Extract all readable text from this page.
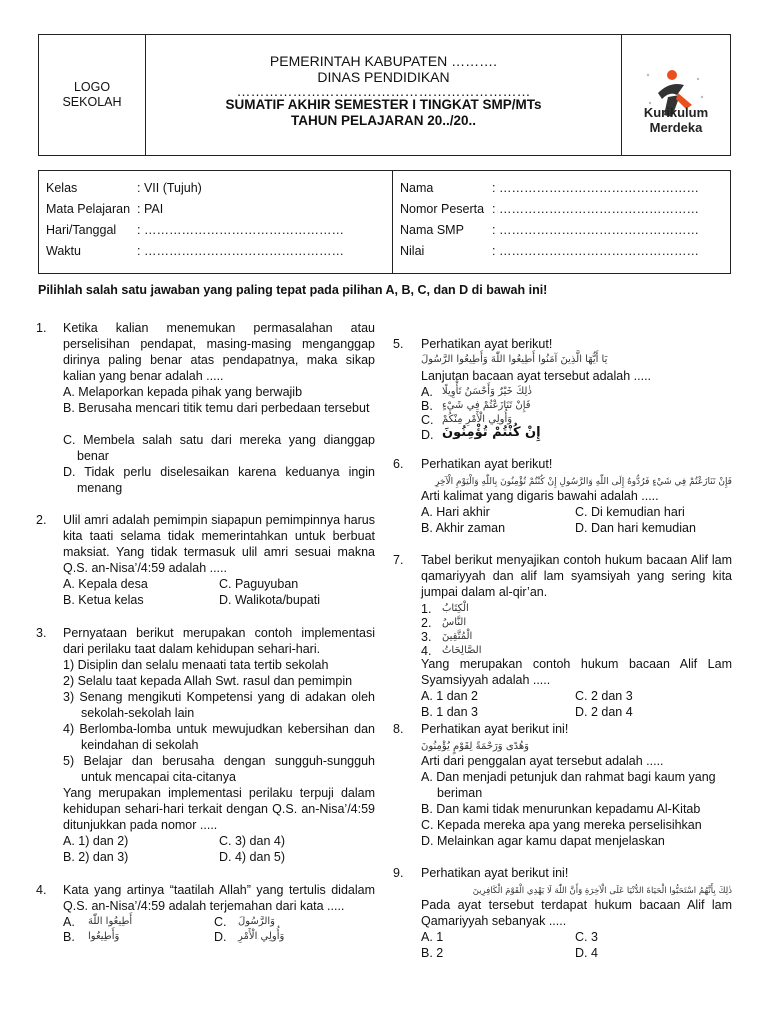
LOGO SEKOLAH
PEMERINTAH KABUPATEN ……….
DINAS PENDIDIKAN
………………………………………………………
SUMATIF AKHIR SEMESTER I TINGKAT SMP/MTs
TAHUN PELAJARAN 20../20..
Kurikulum
Merdeka
Kelas	: VII (Tujuh)
Mata Pelajaran : PAI
Hari/Tanggal : …………………………………………
Waktu	: …………………………………………
Nama	: …………………………………………
Nomor Peserta : …………………………………………
Nama SMP : …………………………………………
Nilai	: …………………………………………
Pilihlah salah satu jawaban yang paling tepat pada pilihan A, B, C, dan D di bawah ini!
1. Ketika kalian menemukan permasalahan atau perselisihan pendapat, masing-masing menganggap dirinya paling benar atas pendapatnya, maka sikap kalian yang benar adalah .....
A. Melaporkan kepada pihak yang berwajib
B. Berusaha mencari titik temu dari perbedaan tersebut
C. Membela salah satu dari mereka yang dianggap benar
D. Tidak perlu diselesaikan karena keduanya ingin menang
2. Ulil amri adalah pemimpin siapapun pemimpinnya harus kita taati selama tidak memerintahkan untuk berbuat maksiat. Yang tidak termasuk ulil amri sesuai makna Q.S. an-Nisa’/4:59 adalah .....
A. Kepala desa	C. Paguyuban
B. Ketua kelas	D. Walikota/bupati
3. Pernyataan berikut merupakan contoh implementasi dari perilaku taat dalam kehidupan sehari-hari.
1) Disiplin dan selalu menaati tata tertib sekolah
2) Selalu taat kepada Allah Swt. rasul dan pemimpin
3) Senang mengikuti Kompetensi yang di adakan oleh sekolah-sekolah lain
4) Berlomba-lomba untuk mewujudkan kebersihan dan keindahan di sekolah
5) Belajar dan berusaha dengan sungguh-sungguh untuk mencapai cita-citanya
Yang merupakan implementasi perilaku terpuji dalam kehidupan sehari-hari terkait dengan Q.S. an-Nisa’/4:59 ditunjukkan pada nomor .....
A. 1) dan 2)	C. 3) dan 4)
B. 2) dan 3)	D. 4) dan 5)
4. Kata yang artinya “taatilah Allah” yang tertulis didalam Q.S. an-Nisa’/4:59 adalah terjemahan dari kata .....
A. أَطِيعُوا اللّٰهَ	C. وَالرَّسُولَ
B. وَأَطِيعُوا	D. وَأُولِي الْأَمْرِ
5. Perhatikan ayat berikut!
يَا أَيُّهَا الَّذِينَ آمَنُوا أَطِيعُوا اللّٰهَ وَأَطِيعُوا الرَّسُولَ
Lanjutan bacaan ayat tersebut adalah .....
A. ذٰلِكَ خَيْرٌ وَأَحْسَنُ تَأْوِيلًا
B. فَإِنْ تَنَازَعْتُمْ فِي شَيْءٍ
C. وَأُولِي الْأَمْرِ مِنْكُمْ
D. إِنْ كُنْتُمْ تُؤْمِنُونَ
6. Perhatikan ayat berikut!
فَإِنْ تَنَازَعْتُمْ فِي شَيْءٍ فَرُدُّوهُ إِلَى اللّٰهِ وَالرَّسُولِ إِنْ كُنْتُمْ تُؤْمِنُونَ بِاللّٰهِ وَالْيَوْمِ الْآخِرِ
Arti kalimat yang digaris bawahi adalah .....
A. Hari akhir	C. Di kemudian hari
B. Akhir zaman	D. Dan hari kemudian
7. Tabel berikut menyajikan contoh hukum bacaan Alif lam qamariyyah dan alif lam syamsiyah yang sering kita jumpai dalam al-qir’an.
1. الْكِتَابُ
2. النَّاسُ
3. الْمُتَّقِينَ
4. الصَّالِحَاتُ
Yang merupakan contoh hukum bacaan Alif Lam Syamsiyyah adalah .....
A. 1 dan 2	C. 2 dan 3
B. 1 dan 3	D. 2 dan 4
8. Perhatikan ayat berikut ini!
وَهُدًى وَرَحْمَةً لِقَوْمٍ يُؤْمِنُونَ
Arti dari penggalan ayat tersebut adalah .....
A. Dan menjadi petunjuk dan rahmat bagi kaum yang beriman
B. Dan kami tidak menurunkan kepadamu Al-Kitab
C. Kepada mereka apa yang mereka perselisihkan
D. Melainkan agar kamu dapat menjelaskan
9. Perhatikan ayat berikut ini!
ذٰلِكَ بِأَنَّهُمُ اسْتَحَبُّوا الْحَيَاةَ الدُّنْيَا عَلَى الْآخِرَةِ وَأَنَّ اللّٰهَ لَا يَهْدِي الْقَوْمَ الْكَافِرِينَ
Pada ayat tersebut terdapat hukum bacaan Alif lam Qamariyyah sebanyak .....
A. 1	C. 3
B. 2	D. 4
